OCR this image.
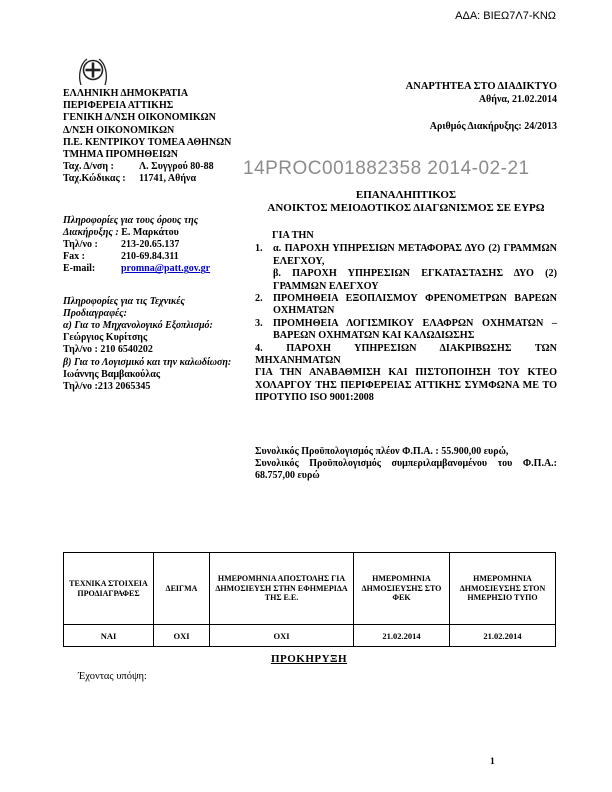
ΑΔΑ: ΒΙΕΩ7Λ7-ΚΝΩ
ΕΛΛΗΝΙΚΗ ΔΗΜΟΚΡΑΤΙΑ
ΠΕΡΙΦΕΡΕΙΑ ΑΤΤΙΚΗΣ
ΓΕΝΙΚΗ Δ/ΝΣΗ ΟΙΚΟΝΟΜΙΚΩΝ
Δ/ΝΣΗ ΟΙΚΟΝΟΜΙΚΩΝ
Π.Ε. ΚΕΝΤΡΙΚΟΥ ΤΟΜΕΑ ΑΘΗΝΩΝ
ΤΜΗΜΑ ΠΡΟΜΗΘΕΙΩΝ
Ταχ. Δ/νση :	Λ. Συγγρού 80-88
Ταχ.Κώδικας :	11741, Αθήνα
Πληροφορίες για τους όρους της Διακήρυξης : Ε. Μαρκάτου
Τηλ/νο :	213-20.65.137
Fax :	210-69.84.311
E-mail:	promna@patt.gov.gr
Πληροφορίες για τις Τεχνικές Προδιαγραφές:
α) Για το Μηχανολογικό Εξοπλισμό: Γεώργιος Κυρίτσης
Τηλ/νο : 210 6540202
β) Για το Λογισμικό και την καλωδίωση:
Ιωάννης Βαμβακούλας
Τηλ/νο :213 2065345
ΑΝΑΡΤΗΤΕΑ ΣΤΟ ΔΙΑΔΙΚΤΥΟ
Αθήνα, 21.02.2014
Αριθμός Διακήρυξης: 24/2013
14PROC001882358 2014-02-21
ΕΠΑΝΑΛΗΠΤΙΚΟΣ
ΑΝΟΙΚΤΟΣ ΜΕΙΟΔΟΤΙΚΟΣ ΔΙΑΓΩΝΙΣΜΟΣ ΣΕ ΕΥΡΩ
ΓΙΑ ΤΗΝ
1.	α. ΠΑΡΟΧΗ ΥΠΗΡΕΣΙΩΝ ΜΕΤΑΦΟΡΑΣ ΔΥΟ (2) ΓΡΑΜΜΩΝ ΕΛΕΓΧΟΥ,
β. ΠΑΡΟΧΗ ΥΠΗΡΕΣΙΩΝ ΕΓΚΑΤΑΣΤΑΣΗΣ ΔΥΟ (2) ΓΡΑΜΜΩΝ ΕΛΕΓΧΟΥ
2.	ΠΡΟΜΗΘΕΙΑ ΕΞΟΠΛΙΣΜΟΥ ΦΡΕΝΟΜΕΤΡΩΝ ΒΑΡΕΩΝ ΟΧΗΜΑΤΩΝ
3.	ΠΡΟΜΗΘΕΙΑ ΛΟΓΙΣΜΙΚΟΥ ΕΛΑΦΡΩΝ ΟΧΗΜΑΤΩΝ – ΒΑΡΕΩΝ ΟΧΗΜΑΤΩΝ ΚΑΙ ΚΑΛΩΔΙΩΣΗΣ
4. ΠΑΡΟΧΗ ΥΠΗΡΕΣΙΩΝ ΔΙΑΚΡΙΒΩΣΗΣ ΤΩΝ ΜΗΧΑΝΗΜΑΤΩΝ
ΓΙΑ ΤΗΝ ΑΝΑΒΑΘΜΙΣΗ ΚΑΙ ΠΙΣΤΟΠΟΙΗΣΗ ΤΟΥ ΚΤΕΟ ΧΟΛΑΡΓΟΥ ΤΗΣ ΠΕΡΙΦΕΡΕΙΑΣ ΑΤΤΙΚΗΣ ΣΥΜΦΩΝΑ ΜΕ ΤΟ ΠΡΟΤΥΠΟ ISO 9001:2008
Συνολικός Προϋπολογισμός πλέον Φ.Π.Α. : 55.900,00 ευρώ,
Συνολικός Προϋπολογισμός συμπεριλαμβανομένου του Φ.Π.Α.: 68.757,00 ευρώ
ΤΕΧΝΙΚΑ ΣΤΟΙΧΕΙΑ ΠΡΟΔΙΑΓΡΑΦΕΣ	ΔΕΙΓΜΑ	ΗΜΕΡΟΜΗΝΙΑ ΑΠΟΣΤΟΛΗΣ ΓΙΑ ΔΗΜΟΣΙΕΥΣΗ ΣΤΗΝ ΕΦΗΜΕΡΙΔΑ ΤΗΣ Ε.Ε.	ΗΜΕΡΟΜΗΝΙΑ ΔΗΜΟΣΙΕΥΣΗΣ ΣΤΟ ΦΕΚ	ΗΜΕΡΟΜΗΝΙΑ ΔΗΜΟΣΙΕΥΣΗΣ ΣΤΟΝ ΗΜΕΡΗΣΙΟ ΤΥΠΟ
ΝΑΙ	ΟΧΙ	ΟΧΙ	21.02.2014	21.02.2014
ΠΡΟΚΗΡΥΞΗ
Έχοντας υπόψη:
1
